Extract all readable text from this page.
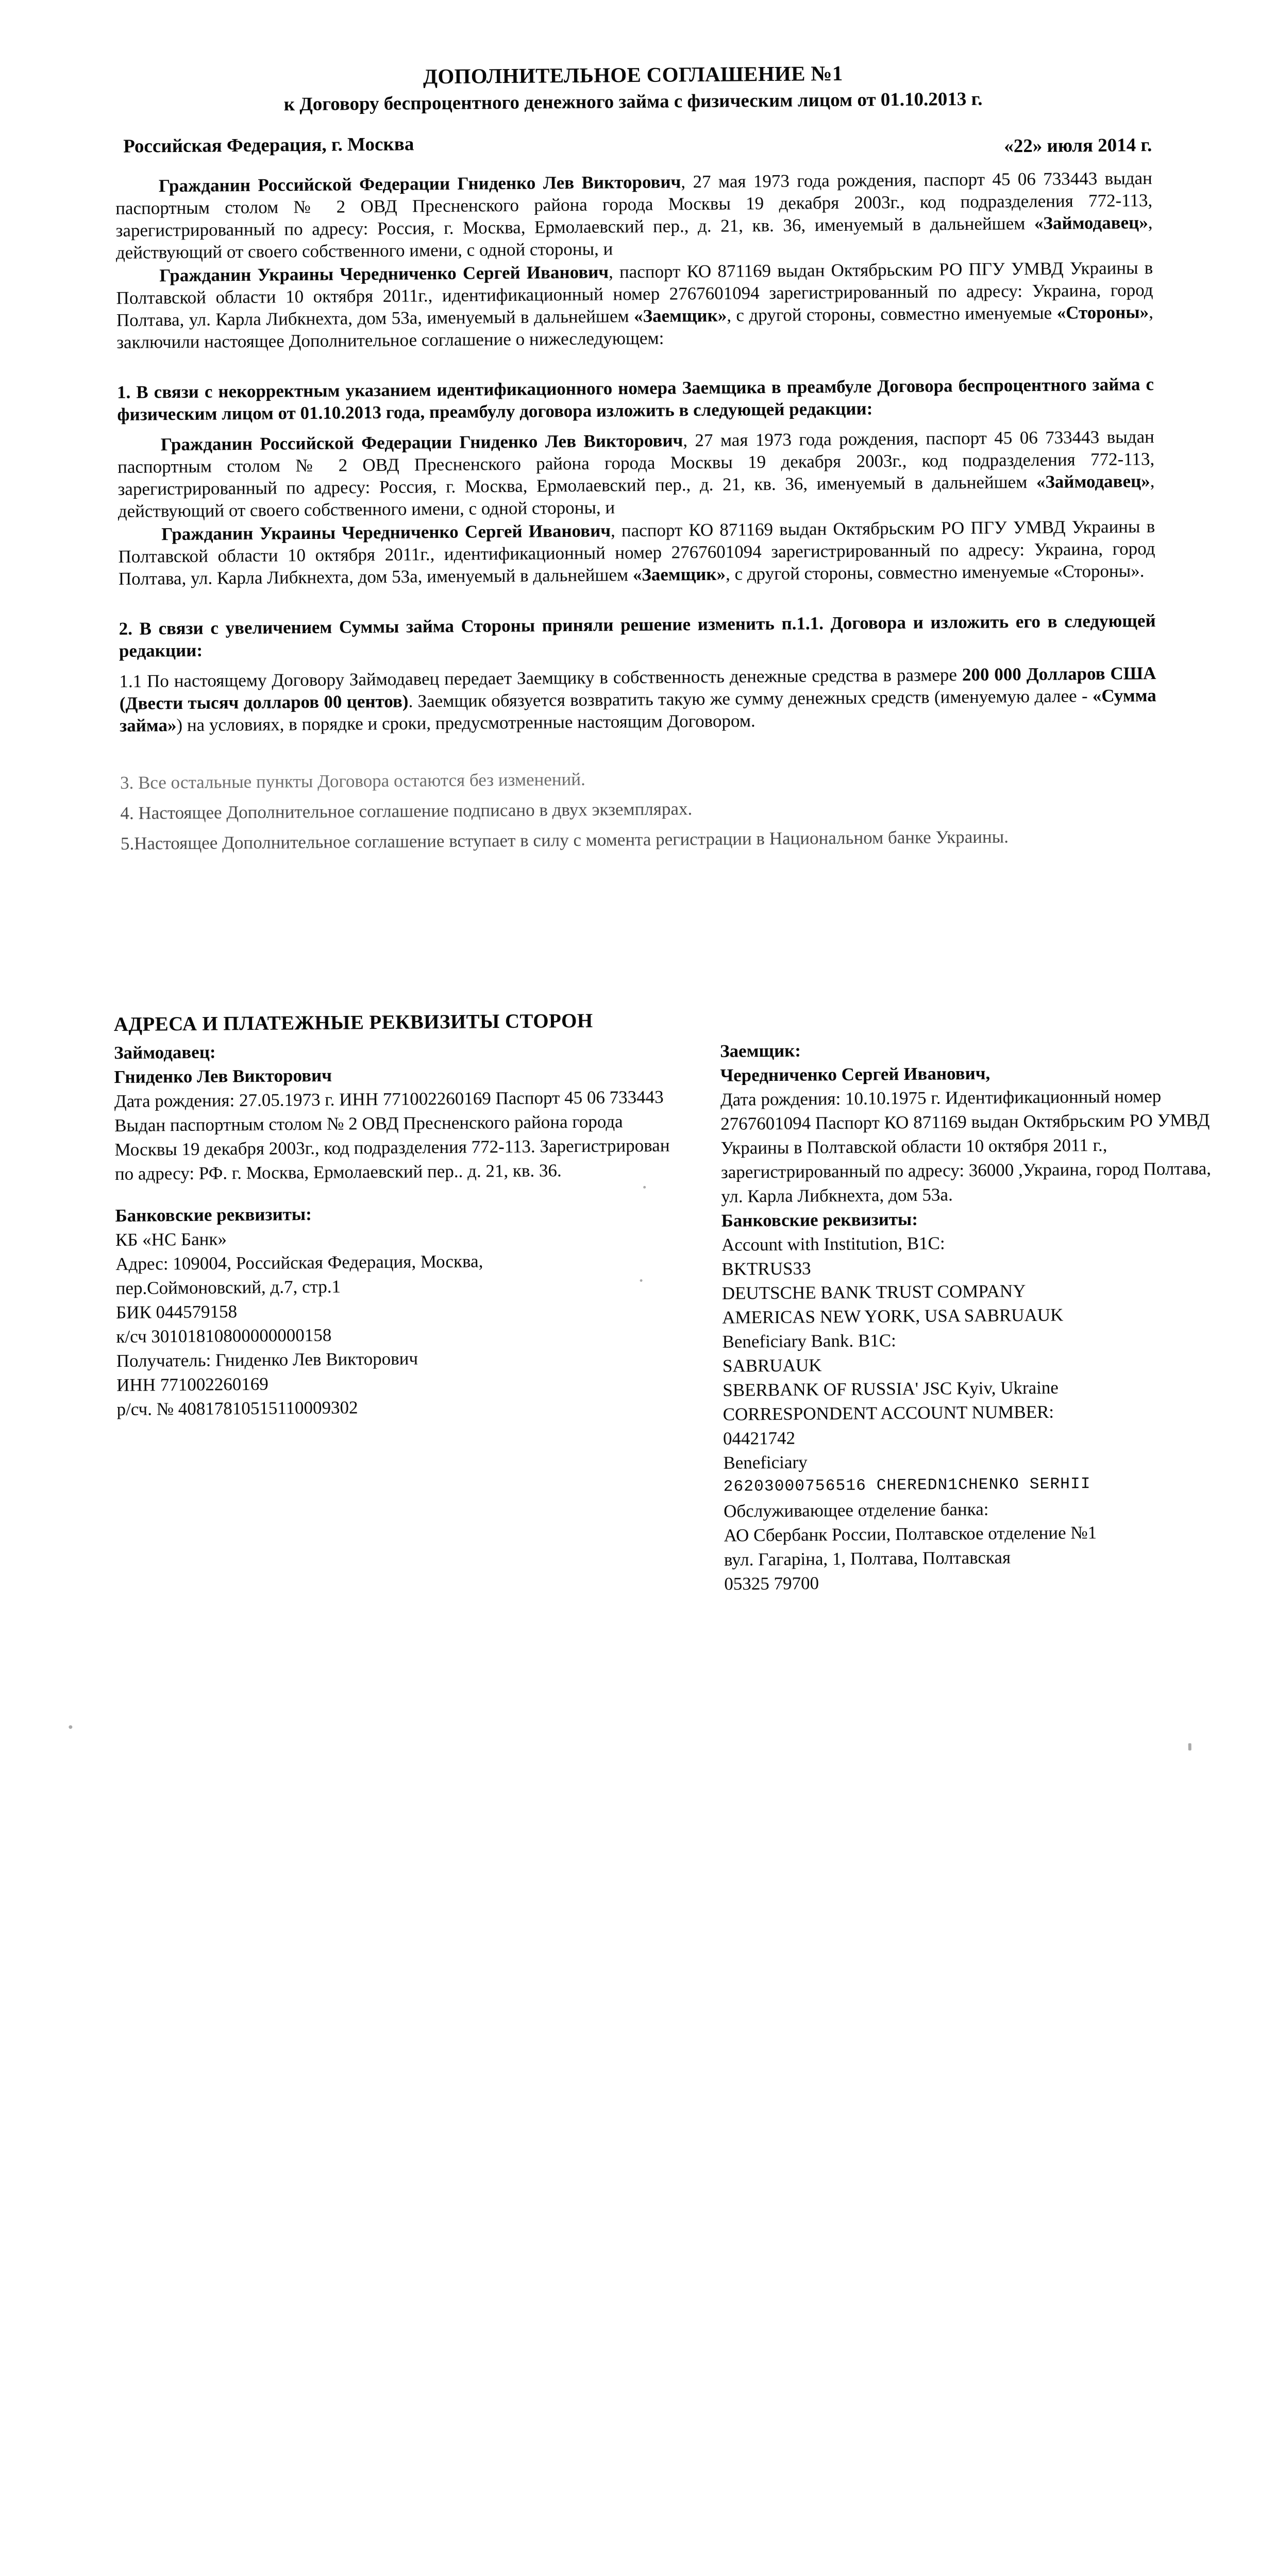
ДОПОЛНИТЕЛЬНОЕ СОГЛАШЕНИЕ №1
к Договору беспроцентного денежного займа с физическим лицом от 01.10.2013 г.
Российская Федерация, г. Москва	«22» июля 2014 г.

Гражданин Российской Федерации Гниденко Лев Викторович, 27 мая 1973 года рождения, паспорт 45 06 733443 выдан паспортным столом № 2 ОВД Пресненского района города Москвы 19 декабря 2003г., код подразделения 772-113, зарегистрированный по адресу: Россия, г. Москва, Ермолаевский пер., д. 21, кв. 36, именуемый в дальнейшем «Займодавец», действующий от своего собственного имени, с одной стороны, и

Гражданин Украины Чередниченко Сергей Иванович, паспорт КО 871169 выдан Октябрьским РО ПГУ УМВД Украины в Полтавской области 10 октября 2011г., идентификационный номер 2767601094 зарегистрированный по адресу: Украина, город Полтава, ул. Карла Либкнехта, дом 53а, именуемый в дальнейшем «Заемщик», с другой стороны, совместно именуемые «Стороны», заключили настоящее Дополнительное соглашение о нижеследующем:

1. В связи с некорректным указанием идентификационного номера Заемщика в преамбуле Договора беспроцентного займа с физическим лицом от 01.10.2013 года, преамбулу договора изложить в следующей редакции:

Гражданин Российской Федерации Гниденко Лев Викторович, 27 мая 1973 года рождения, паспорт 45 06 733443 выдан паспортным столом № 2 ОВД Пресненского района города Москвы 19 декабря 2003г., код подразделения 772-113, зарегистрированный по адресу: Россия, г. Москва, Ермолаевский пер., д. 21, кв. 36, именуемый в дальнейшем «Займодавец», действующий от своего собственного имени, с одной стороны, и

Гражданин Украины Чередниченко Сергей Иванович, паспорт КО 871169 выдан Октябрьским РО ПГУ УМВД Украины в Полтавской области 10 октября 2011г., идентификационный номер 2767601094 зарегистрированный по адресу: Украина, город Полтава, ул. Карла Либкнехта, дом 53а, именуемый в дальнейшем «Заемщик», с другой стороны, совместно именуемые «Стороны».

2. В связи с увеличением Суммы займа Стороны приняли решение изменить п.1.1. Договора и изложить его в следующей редакции:

1.1 По настоящему Договору Займодавец передает Заемщику в собственность денежные средства в размере 200 000 Долларов США (Двести тысяч долларов 00 центов). Заемщик обязуется возвратить такую же сумму денежных средств (именуемую далее - «Сумма займа») на условиях, в порядке и сроки, предусмотренные настоящим Договором.

3. Все остальные пункты Договора остаются без изменений.

4. Настоящее Дополнительное соглашение подписано в двух экземплярах.

5.Настоящее Дополнительное соглашение вступает в силу с момента регистрации в Национальном банке Украины.

АДРЕСА И ПЛАТЕЖНЫЕ РЕКВИЗИТЫ СТОРОН

Займодавец:

Гниденко Лев Викторович

Дата рождения: 27.05.1973 г. ИНН 771002260169 Паспорт 45 06 733443 Выдан паспортным столом № 2 ОВД Пресненского района города Москвы 19 декабря 2003г., код подразделения 772-113. Зарегистрирован по адресу: РФ. г. Москва, Ермолаевский пер.. д. 21, кв. 36.

Банковские реквизиты:

КБ «НС Банк»

Адрес: 109004, Российская Федерация, Москва,

пер.Соймоновский, д.7, стр.1

БИК 044579158

к/сч 30101810800000000158

Получатель: Гниденко Лев Викторович

ИНН 771002260169

р/сч. № 40817810515110009302

Заемщик:

Чередниченко Сергей Иванович,

Дата рождения: 10.10.1975 г. Идентификационный номер 2767601094 Паспорт КО 871169 выдан Октябрьским РО УМВД Украины в Полтавской области 10 октября 2011 г., зарегистрированный по адресу: 36000 ,Украина, город Полтава, ул. Карла Либкнехта, дом 53а.

Банковские реквизиты:

Account with Institution, B1C:

BKTRUS33

DEUTSCHE BANK TRUST COMPANY

AMERICAS NEW YORK, USA SABRUAUK

Beneficiary Bank. B1C:

SABRUAUK

SBERBANK OF RUSSIA' JSC Kyiv, Ukraine

CORRESPONDENT ACCOUNT NUMBER:

04421742

Beneficiary

26203000756516 CHEREDN1CHENKO SERHII

Обслуживающее отделение банка:

АО Сбербанк России, Полтавское отделение №1

вул. Гагаріна, 1, Полтава, Полтавская

05325 79700
